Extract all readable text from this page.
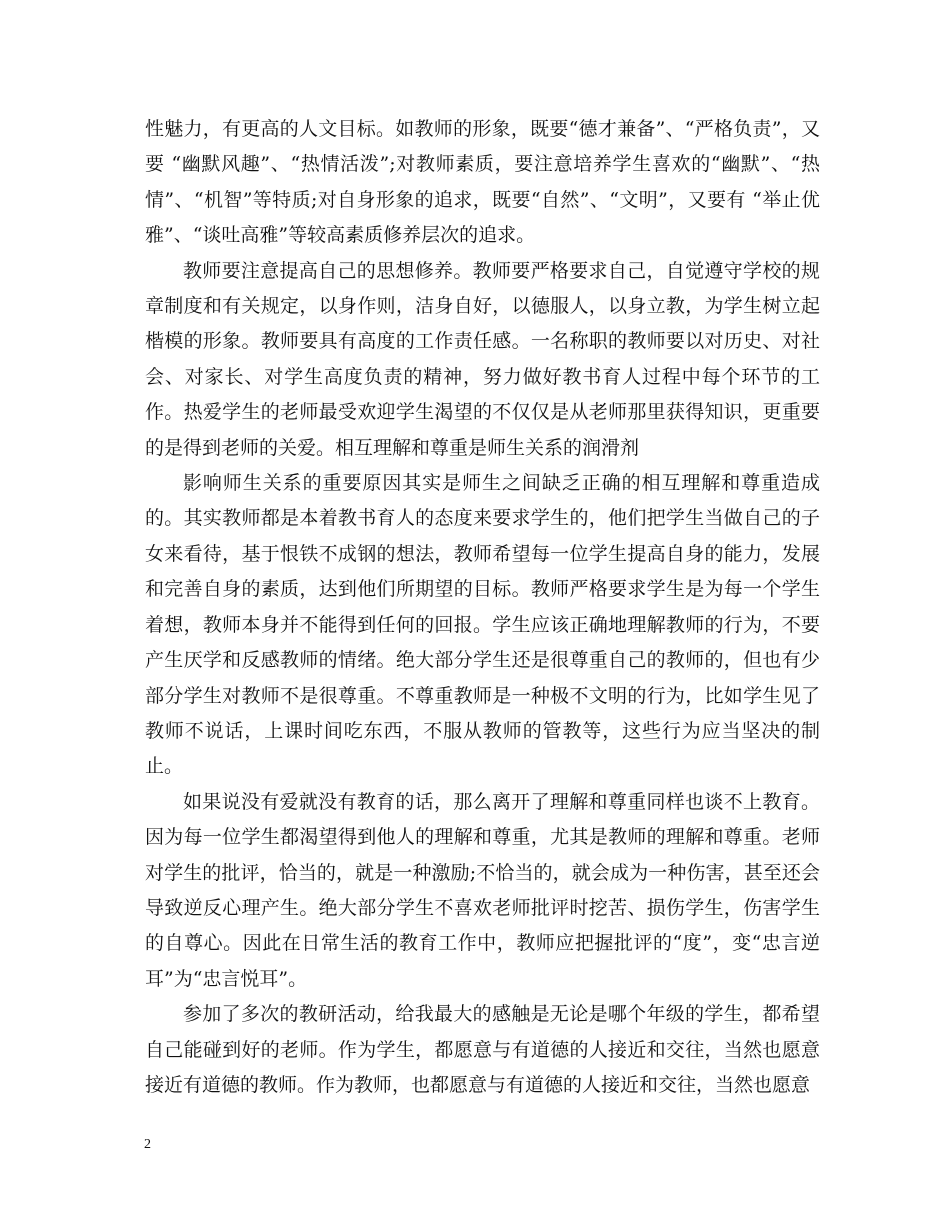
性魅力，有更高的人文目标。如教师的形象，既要“德才兼备”、“严格负责”，又要 “幽默风趣”、“热情活泼”;对教师素质，要注意培养学生喜欢的“幽默”、“热情”、“机智”等特质;对自身形象的追求，既要“自然”、“文明”，又要有 “举止优雅”、“谈吐高雅”等较高素质修养层次的追求。

教师要注意提高自己的思想修养。教师要严格要求自己，自觉遵守学校的规章制度和有关规定，以身作则，洁身自好，以德服人，以身立教，为学生树立起楷模的形象。教师要具有高度的工作责任感。一名称职的教师要以对历史、对社会、对家长、对学生高度负责的精神，努力做好教书育人过程中每个环节的工作。热爱学生的老师最受欢迎学生渴望的不仅仅是从老师那里获得知识，更重要的是得到老师的关爱。相互理解和尊重是师生关系的润滑剂

影响师生关系的重要原因其实是师生之间缺乏正确的相互理解和尊重造成的。其实教师都是本着教书育人的态度来要求学生的，他们把学生当做自己的子女来看待，基于恨铁不成钢的想法，教师希望每一位学生提高自身的能力，发展和完善自身的素质，达到他们所期望的目标。教师严格要求学生是为每一个学生着想，教师本身并不能得到任何的回报。学生应该正确地理解教师的行为，不要产生厌学和反感教师的情绪。绝大部分学生还是很尊重自己的教师的，但也有少部分学生对教师不是很尊重。不尊重教师是一种极不文明的行为，比如学生见了教师不说话，上课时间吃东西，不服从教师的管教等，这些行为应当坚决的制止。

如果说没有爱就没有教育的话，那么离开了理解和尊重同样也谈不上教育。因为每一位学生都渴望得到他人的理解和尊重，尤其是教师的理解和尊重。老师对学生的批评，恰当的，就是一种激励;不恰当的，就会成为一种伤害，甚至还会导致逆反心理产生。绝大部分学生不喜欢老师批评时挖苦、损伤学生，伤害学生的自尊心。因此在日常生活的教育工作中，教师应把握批评的“度”，变“忠言逆耳”为“忠言悦耳”。

参加了多次的教研活动，给我最大的感触是无论是哪个年级的学生，都希望自己能碰到好的老师。作为学生，都愿意与有道德的人接近和交往，当然也愿意接近有道德的教师。作为教师，也都愿意与有道德的人接近和交往，当然也愿意

2
